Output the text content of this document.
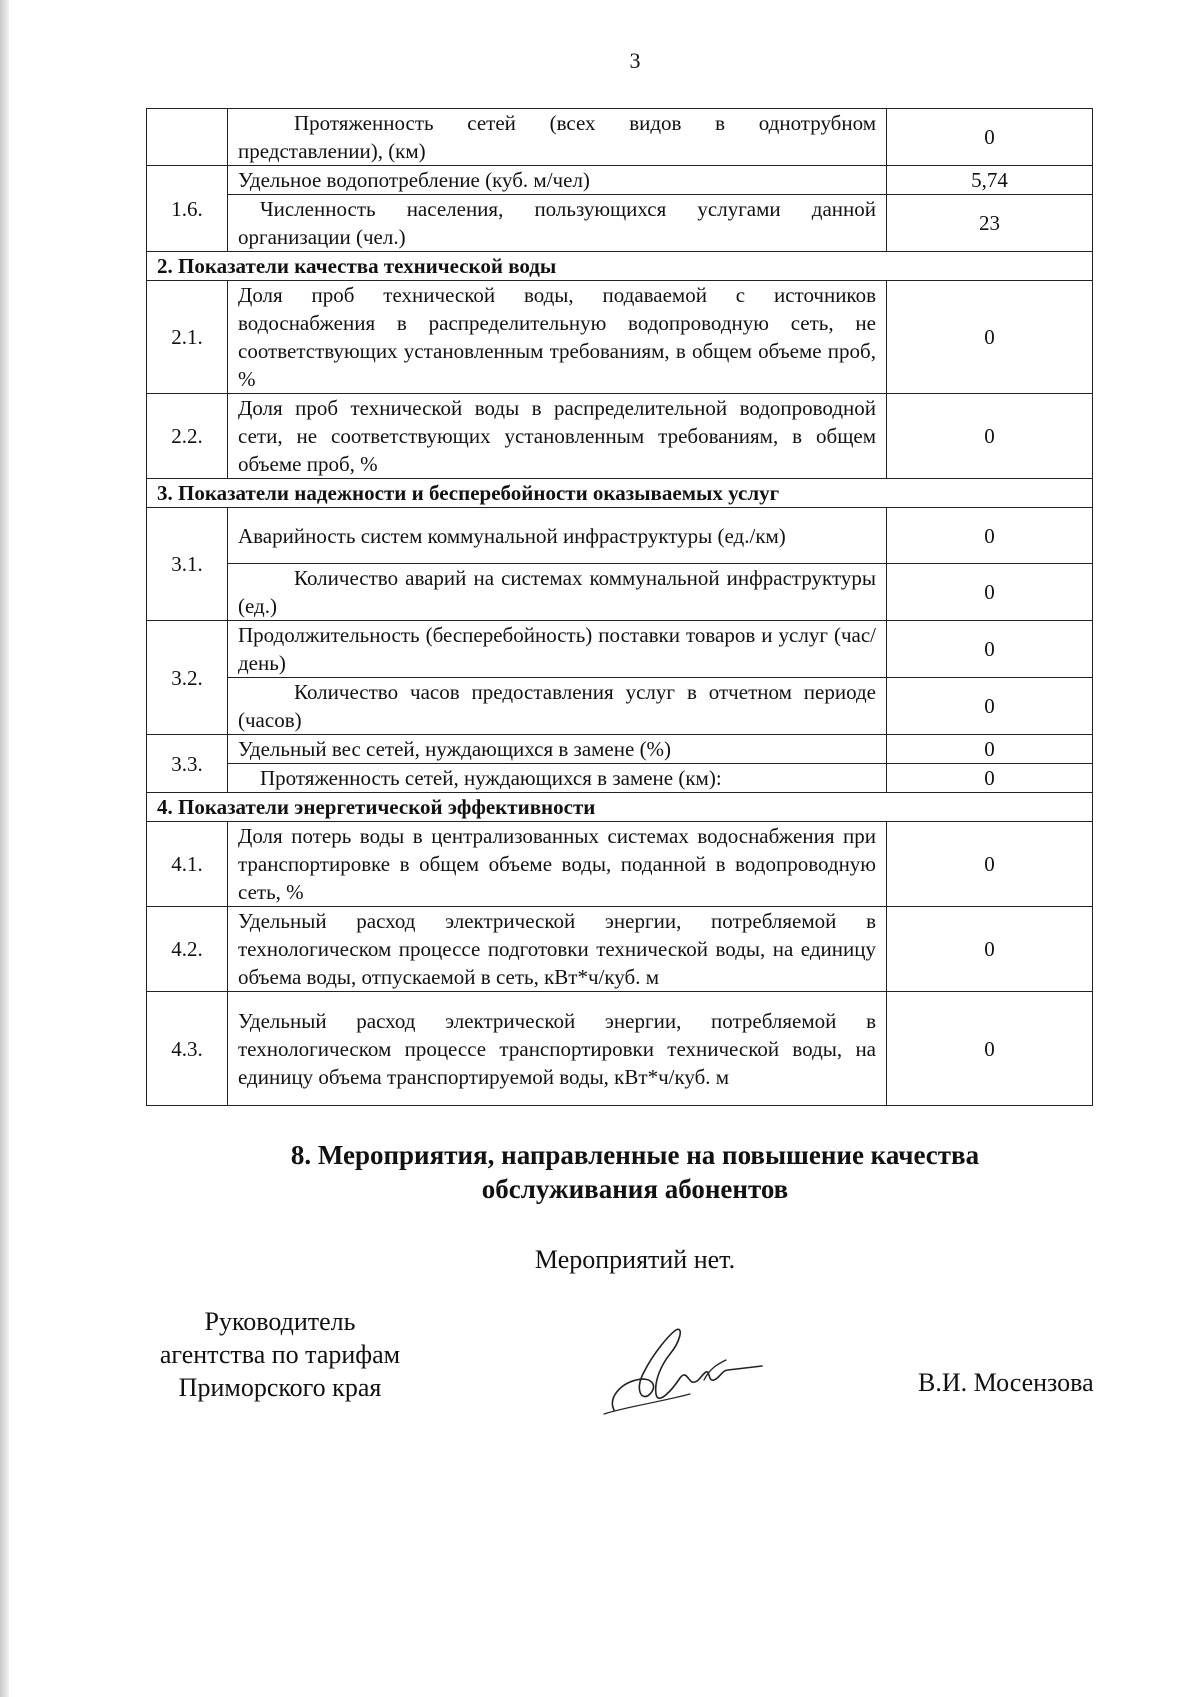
3
	Протяженность сетей (всех видов в однотрубном представлении), (км)	0
1.6.	Удельное водопотребление (куб. м/чел)	5,74
	Численность населения, пользующихся услугами данной организации (чел.)	23
2. Показатели качества технической воды		
2.1.	Доля проб технической воды, подаваемой с источников водоснабжения в распределительную водопроводную сеть, не соответствующих установленным требованиям, в общем объеме проб, %	0
2.2.	Доля проб технической воды в распределительной водопроводной сети, не соответствующих установленным требованиям, в общем объеме проб, %	0
3. Показатели надежности и бесперебойности оказываемых услуг		
3.1.	Аварийность систем коммунальной инфраструктуры (ед./км)	0
	Количество аварий на системах коммунальной инфраструктуры (ед.)	0
3.2.	Продолжительность (бесперебойность) поставки товаров и услуг (час/день)	0
	Количество часов предоставления услуг в отчетном периоде (часов)	0
3.3.	Удельный вес сетей, нуждающихся в замене (%)	0
	Протяженность сетей, нуждающихся в замене (км):	0
4. Показатели энергетической эффективности		
4.1.	Доля потерь воды в централизованных системах водоснабжения при транспортировке в общем объеме воды, поданной в водопроводную сеть, %	0
4.2.	Удельный расход электрической энергии, потребляемой в технологическом процессе подготовки технической воды, на единицу объема воды, отпускаемой в сеть, кВт*ч/куб. м	0
4.3.	Удельный расход электрической энергии, потребляемой в технологическом процессе транспортировки технической воды, на единицу объема транспортируемой воды, кВт*ч/куб. м	0
8. Мероприятия, направленные на повышение качества
обслуживания абонентов
Мероприятий нет.
Руководитель
агентства по тарифам
Приморского края	В.И. Мосензова
